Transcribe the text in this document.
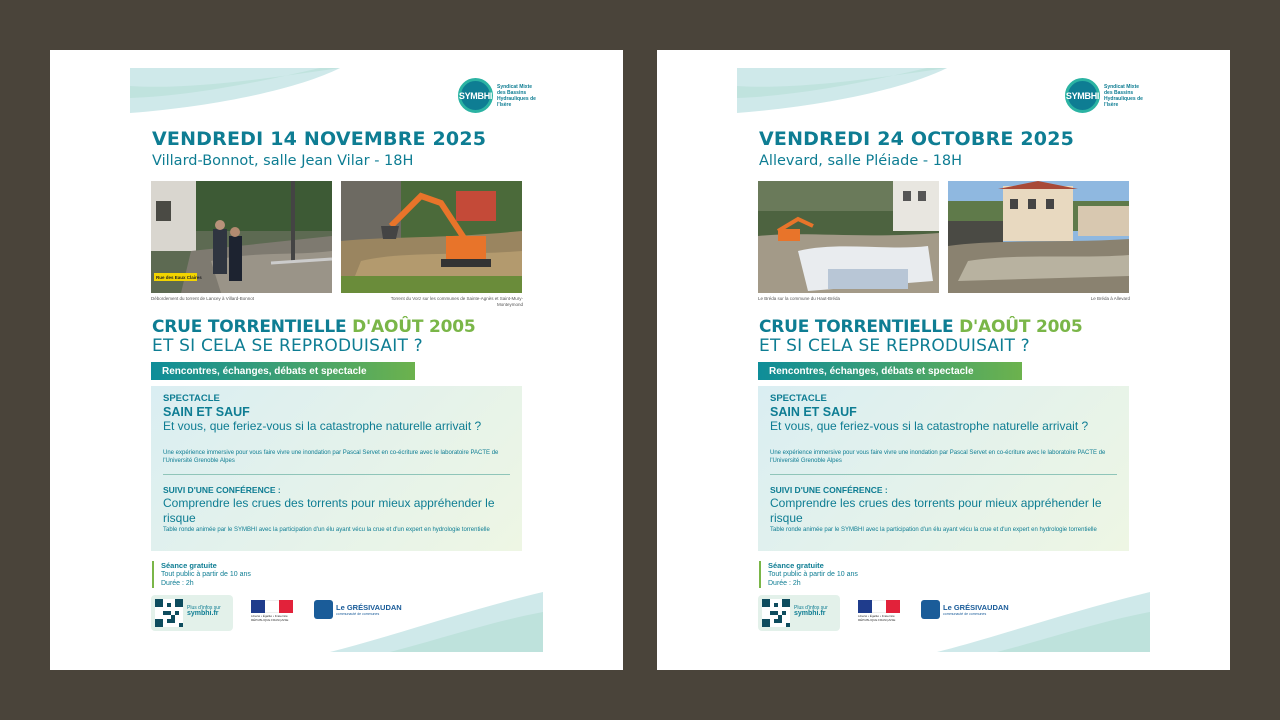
SYMBHI
Syndicat Mixte des Bassins Hydrauliques de l'Isère
VENDREDI 14 NOVEMBRE 2025
Villard-Bonnot, salle Jean Vilar - 18H
Rue des Eaux Claires
Débordement du torrent de Lancey à Villard-Bonnot	Torrent du Vorz sur les communes de Sainte-Agnès et Saint-Mury-Monteymond
CRUE TORRENTIELLE D'AOÛT 2005
ET SI CELA SE REPRODUISAIT ?
Rencontres, échanges, débats et spectacle
SPECTACLE
SAIN ET SAUF
Et vous, que feriez-vous si la catastrophe naturelle arrivait ?
Une expérience immersive pour vous faire vivre une inondation par Pascal Servet en co-écriture avec le laboratoire PACTE de l'Université Grenoble Alpes
SUIVI D'UNE CONFÉRENCE :
Comprendre les crues des torrents pour mieux appréhender le risque
Table ronde animée par le SYMBHI avec la participation d'un élu ayant vécu la crue et d'un expert en hydrologie torrentielle
Séance gratuite
Tout public à partir de 10 ans
Durée : 2h
Plus d'infos sur
symbhi.fr	Liberté • Égalité • Fraternité RÉPUBLIQUE FRANÇAISE
Le GRÉSIVAUDAN
communauté de communes
SYMBHI
Syndicat Mixte des Bassins Hydrauliques de l'Isère
VENDREDI 24 OCTOBRE 2025
Allevard, salle Pléiade - 18H
Le Bréda sur la commune du Haut-Bréda	Le Bréda à Allevard
CRUE TORRENTIELLE D'AOÛT 2005
ET SI CELA SE REPRODUISAIT ?
Rencontres, échanges, débats et spectacle
SPECTACLE
SAIN ET SAUF
Et vous, que feriez-vous si la catastrophe naturelle arrivait ?
Une expérience immersive pour vous faire vivre une inondation par Pascal Servet en co-écriture avec le laboratoire PACTE de l'Université Grenoble Alpes
SUIVI D'UNE CONFÉRENCE :
Comprendre les crues des torrents pour mieux appréhender le risque
Table ronde animée par le SYMBHI avec la participation d'un élu ayant vécu la crue et d'un expert en hydrologie torrentielle
Séance gratuite
Tout public à partir de 10 ans
Durée : 2h
Plus d'infos sur
symbhi.fr	Liberté • Égalité • Fraternité RÉPUBLIQUE FRANÇAISE
Le GRÉSIVAUDAN
communauté de communes
